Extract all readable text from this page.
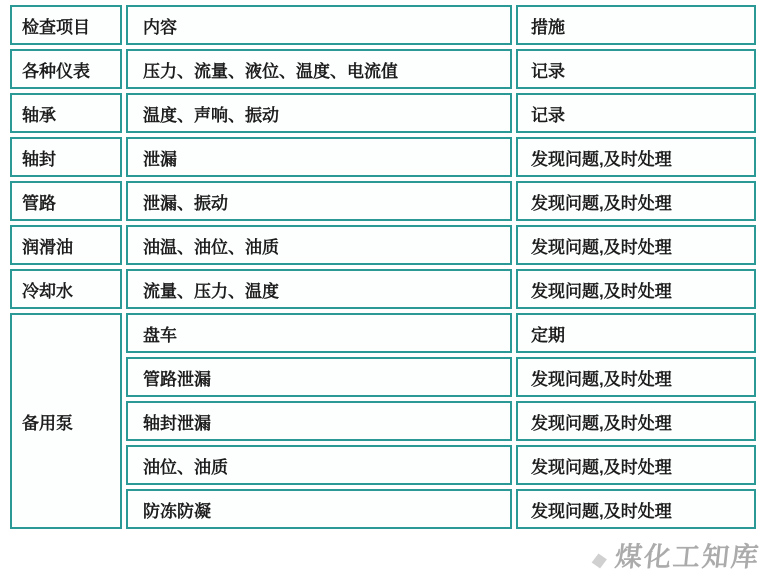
检查项目	内容	措施
各种仪表	压力、流量、液位、温度、电流值	记录
轴承	温度、声响、振动	记录
轴封	泄漏	发现问题,及时处理
管路	泄漏、振动	发现问题,及时处理
润滑油	油温、油位、油质	发现问题,及时处理
冷却水	流量、压力、温度	发现问题,及时处理
备用泵	盘车	定期
	管路泄漏	发现问题,及时处理
	轴封泄漏	发现问题,及时处理
	油位、油质	发现问题,及时处理
	防冻防凝	发现问题,及时处理
◆ 煤化工知库
